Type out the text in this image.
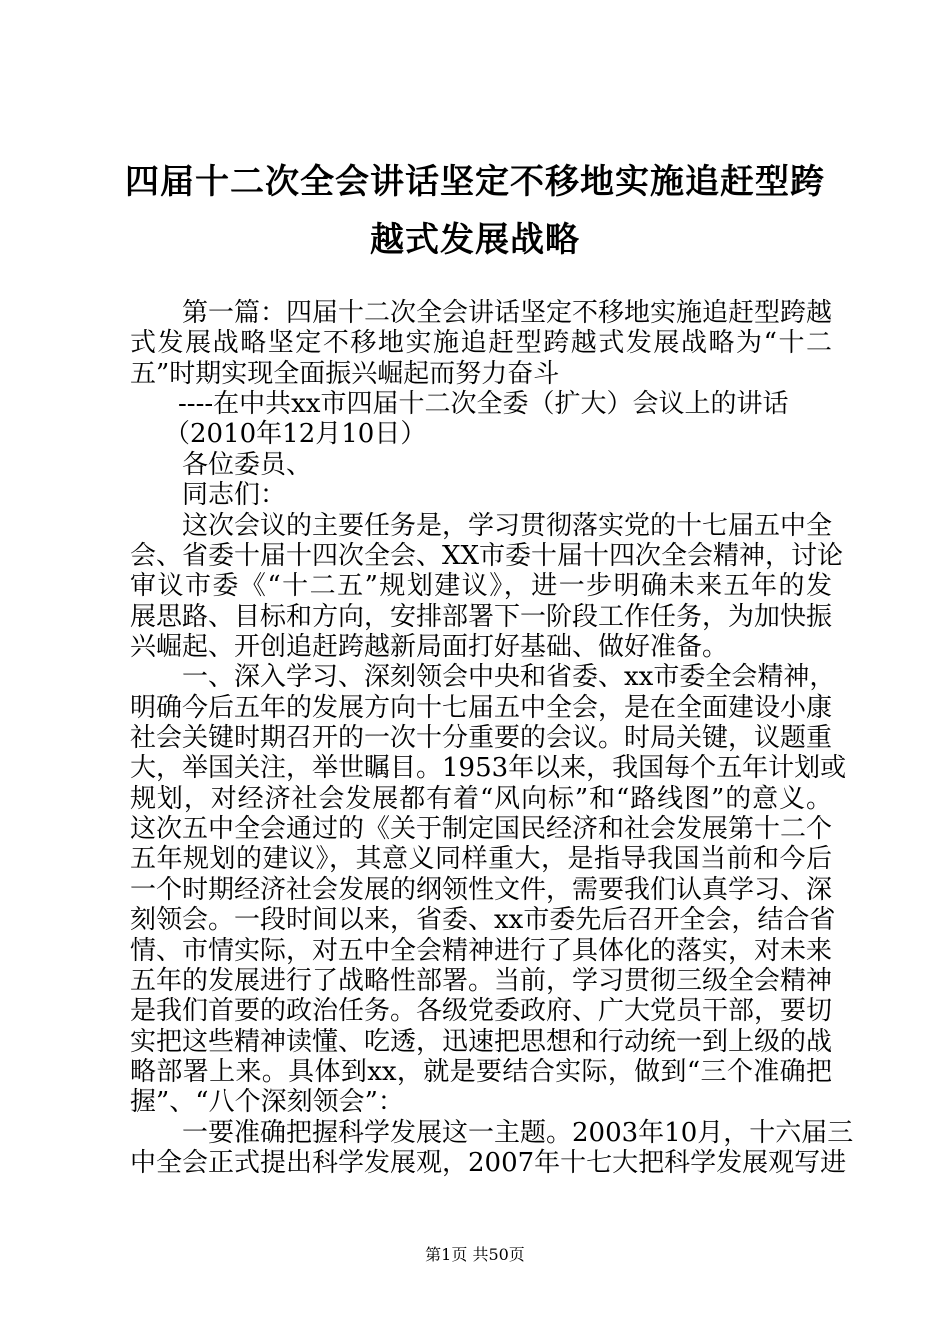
四届十二次全会讲话坚定不移地实施追赶型跨
越式发展战略
第一篇：四届十二次全会讲话坚定不移地实施追赶型跨越
式发展战略坚定不移地实施追赶型跨越式发展战略为“十二
五”时期实现全面振兴崛起而努力奋斗
----在中共xx市四届十二次全委（扩大）会议上的讲话
（2010年12月10日）
各位委员、
同志们：
这次会议的主要任务是，学习贯彻落实党的十七届五中全
会、省委十届十四次全会、XX市委十届十四次全会精神，讨论
审议市委《“十二五”规划建议》，进一步明确未来五年的发
展思路、目标和方向，安排部署下一阶段工作任务，为加快振
兴崛起、开创追赶跨越新局面打好基础、做好准备。
一、深入学习、深刻领会中央和省委、xx市委全会精神，
明确今后五年的发展方向十七届五中全会，是在全面建设小康
社会关键时期召开的一次十分重要的会议。时局关键，议题重
大，举国关注，举世瞩目。1953年以来，我国每个五年计划或
规划，对经济社会发展都有着“风向标”和“路线图”的意义。
这次五中全会通过的《关于制定国民经济和社会发展第十二个
五年规划的建议》，其意义同样重大，是指导我国当前和今后
一个时期经济社会发展的纲领性文件，需要我们认真学习、深
刻领会。一段时间以来，省委、xx市委先后召开全会，结合省
情、市情实际，对五中全会精神进行了具体化的落实，对未来
五年的发展进行了战略性部署。当前，学习贯彻三级全会精神
是我们首要的政治任务。各级党委政府、广大党员干部，要切
实把这些精神读懂、吃透，迅速把思想和行动统一到上级的战
略部署上来。具体到xx，就是要结合实际，做到“三个准确把
握”、“八个深刻领会”：
一要准确把握科学发展这一主题。2003年10月，十六届三
中全会正式提出科学发展观，2007年十七大把科学发展观写进
第1页 共50页
